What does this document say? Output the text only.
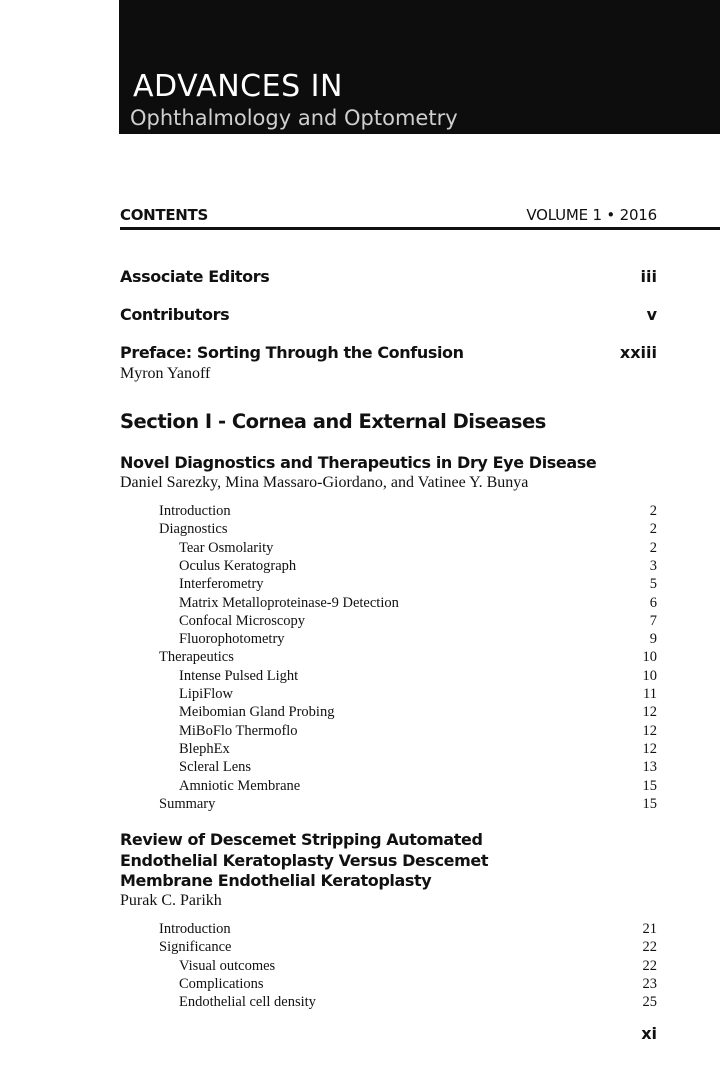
ADVANCES IN
Ophthalmology and Optometry
CONTENTS	VOLUME 1 • 2016
Associate Editors	iii
Contributors	v
Preface: Sorting Through the Confusion	xxiii
Myron Yanoff
Section I - Cornea and External Diseases
Novel Diagnostics and Therapeutics in Dry Eye Disease
Daniel Sarezky, Mina Massaro-Giordano, and Vatinee Y. Bunya
Introduction	2
Diagnostics	2
Tear Osmolarity	2
Oculus Keratograph	3
Interferometry	5
Matrix Metalloproteinase-9 Detection	6
Confocal Microscopy	7
Fluorophotometry	9
Therapeutics	10
Intense Pulsed Light	10
LipiFlow	11
Meibomian Gland Probing	12
MiBoFlo Thermoflo	12
BlephEx	12
Scleral Lens	13
Amniotic Membrane	15
Summary	15
Review of Descemet Stripping Automated
Endothelial Keratoplasty Versus Descemet
Membrane Endothelial Keratoplasty
Purak C. Parikh
Introduction	21
Significance	22
Visual outcomes	22
Complications	23
Endothelial cell density	25
xi
